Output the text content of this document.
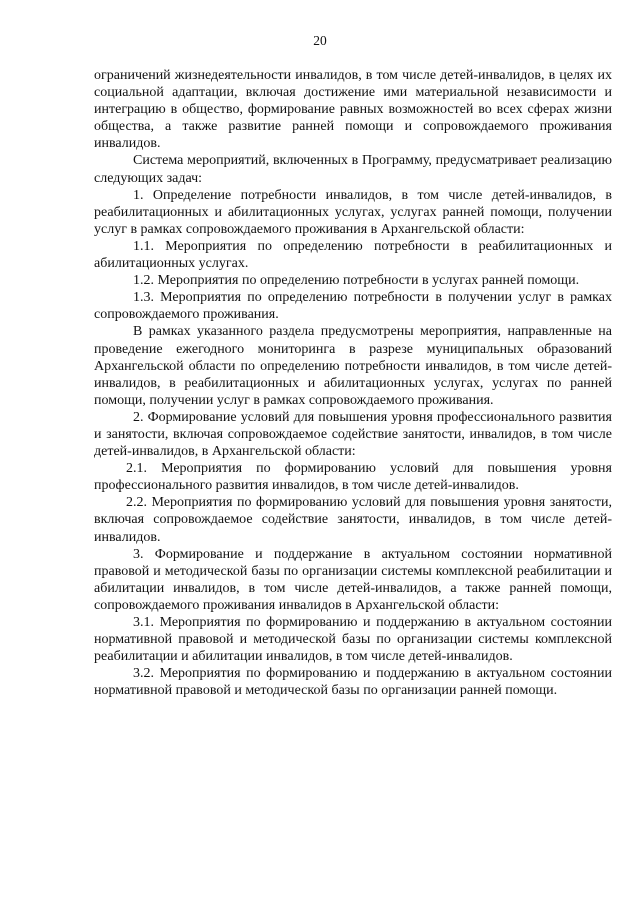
20

ограничений жизнедеятельности инвалидов, в том числе детей-инвалидов, в целях их социальной адаптации, включая достижение ими материальной независимости и интеграцию в общество, формирование равных возможностей во всех сферах жизни общества, а также развитие ранней помощи и сопровождаемого проживания инвалидов.

Система мероприятий, включенных в Программу, предусматривает реализацию следующих задач:

1. Определение потребности инвалидов, в том числе детей-инвалидов, в реабилитационных и абилитационных услугах, услугах ранней помощи, получении услуг в рамках сопровождаемого проживания в Архангельской области:

1.1. Мероприятия по определению потребности в реабилитационных и абилитационных услугах.

1.2. Мероприятия по определению потребности в услугах ранней помощи.

1.3. Мероприятия по определению потребности в получении услуг в рамках сопровождаемого проживания.

В рамках указанного раздела предусмотрены мероприятия, направленные на проведение ежегодного мониторинга в разрезе муниципальных образований Архангельской области по определению потребности инвалидов, в том числе детей-инвалидов, в реабилитационных и абилитационных услугах, услугах по ранней помощи, получении услуг в рамках сопровождаемого проживания.

2. Формирование условий для повышения уровня профессионального развития и занятости, включая сопровождаемое содействие занятости, инвалидов, в том числе детей-инвалидов, в Архангельской области:

2.1. Мероприятия по формированию условий для повышения уровня профессионального развития инвалидов, в том числе детей-инвалидов.

2.2. Мероприятия по формированию условий для повышения уровня занятости, включая сопровождаемое содействие занятости, инвалидов, в том числе детей-инвалидов.

3. Формирование и поддержание в актуальном состоянии нормативной правовой и методической базы по организации системы комплексной реабилитации и абилитации инвалидов, в том числе детей-инвалидов, а также ранней помощи, сопровождаемого проживания инвалидов в Архангельской области:

3.1. Мероприятия по формированию и поддержанию в актуальном состоянии нормативной правовой и методической базы по организации системы комплексной реабилитации и абилитации инвалидов, в том числе детей-инвалидов.

3.2. Мероприятия по формированию и поддержанию в актуальном состоянии нормативной правовой и методической базы по организации ранней помощи.
